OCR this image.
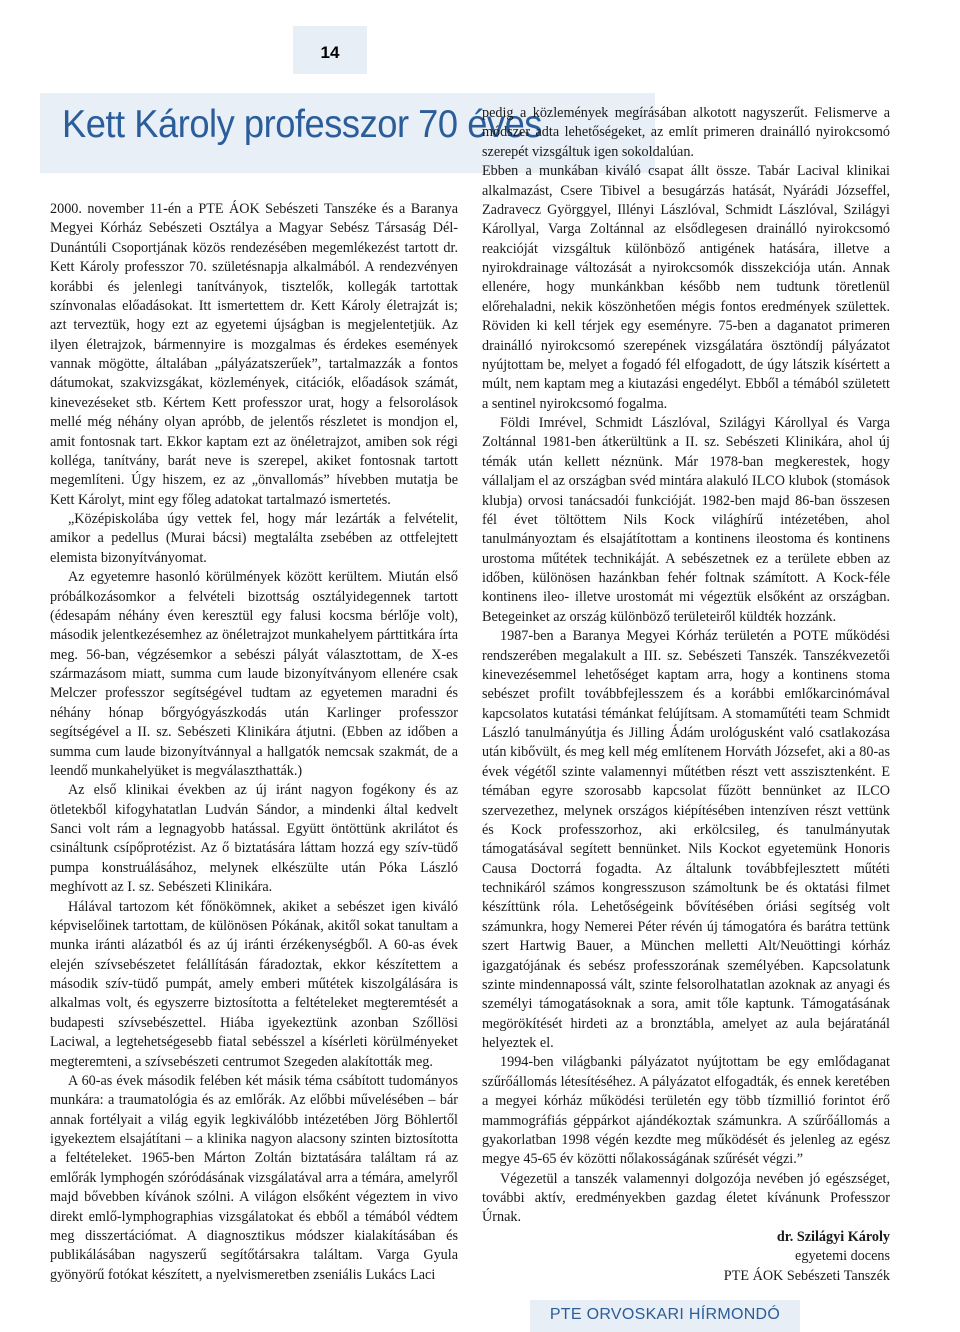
14
Kett Károly professzor 70 éves

2000. november 11-én a PTE ÁOK Sebészeti Tanszéke és a Baranya Megyei Kórház Sebészeti Osztálya a Magyar Sebész Társaság Dél-Dunántúli Csoportjának közös rendezésében megemlékezést tartott dr. Kett Károly professzor 70. születésnapja alkalmából. A rendezvényen korábbi és jelenlegi tanítványok, tisztelők, kollegák tartottak színvonalas előadásokat. Itt ismertettem dr. Kett Károly életrajzát is; azt terveztük, hogy ezt az egyetemi újságban is megjelentetjük. Az ilyen életrajzok, bármennyire is mozgalmas és érdekes események vannak mögötte, általában „pályázatszerűek”, tartalmazzák a fontos dátumokat, szakvizsgákat, közlemények, citációk, előadások számát, kinevezéseket stb. Kértem Kett professzor urat, hogy a felsorolások mellé még néhány olyan apróbb, de jelentős részletet is mondjon el, amit fontosnak tart. Ekkor kaptam ezt az önéletrajzot, amiben sok régi kolléga, tanítvány, barát neve is szerepel, akiket fontosnak tartott megemlíteni. Úgy hiszem, ez az „önvallomás” hívebben mutatja be Kett Károlyt, mint egy főleg adatokat tartalmazó ismertetés.

„Középiskolába úgy vettek fel, hogy már lezárták a felvételit, amikor a pedellus (Murai bácsi) megtalálta zsebében az ottfelejtett elemista bizonyítványomat.

Az egyetemre hasonló körülmények között kerültem. Miután első próbálkozásomkor a felvételi bizottság osztályidegennek tartott (édesapám néhány éven keresztül egy falusi kocsma bérlője volt), második jelentkezésemhez az önéletrajzot munkahelyem párttitkára írta meg. 56-ban, végzésemkor a sebészi pályát választottam, de X-es származásom miatt, summa cum laude bizonyítványom ellenére csak Melczer professzor segítségével tudtam az egyetemen maradni és néhány hónap bőrgyógyászkodás után Karlinger professzor segítségével a II. sz. Sebészeti Klinikára átjutni. (Ebben az időben a summa cum laude bizonyítvánnyal a hallgatók nemcsak szakmát, de a leendő munkahelyüket is megválaszthatták.)

Az első klinikai években az új iránt nagyon fogékony és az ötletekből kifogyhatatlan Ludván Sándor, a mindenki által kedvelt Sanci volt rám a legnagyobb hatással. Együtt öntöttünk akrilátot és csináltunk csípőprotézist. Az ő biztatására láttam hozzá egy szív-tüdő pumpa konstruálásához, melynek elkészülte után Póka László meghívott az I. sz. Sebészeti Klinikára.

Hálával tartozom két főnökömnek, akiket a sebészet igen kiváló képviselőinek tartottam, de különösen Pókának, akitől sokat tanultam a munka iránti alázatból és az új iránti érzékenységből. A 60-as évek elején szívsebészetet felállításán fáradoztak, ekkor készítettem a második szív-tüdő pumpát, amely emberi műtétek kiszolgálására is alkalmas volt, és egyszerre biztosította a feltételeket megteremtését a budapesti szívsebészettel. Hiába igyekeztünk azonban Szőllösi Laciwal, a legtehetségesebb fiatal sebésszel a kísérleti körülményeket megteremteni, a szívsebészeti centrumot Szegeden alakították meg.

A 60-as évek második felében két másik téma csábított tudományos munkára: a traumatológia és az emlőrák. Az előbbi művelésében – bár annak fortélyait a világ egyik legkiválóbb intézetében Jörg Böhlertől igyekeztem elsajátítani – a klinika nagyon alacsony szinten biztosította a feltételeket. 1965-ben Márton Zoltán biztatására találtam rá az emlőrák lymphogén szóródásának vizsgálatával arra a témára, amelyről majd bővebben kívánok szólni. A világon elsőként végeztem in vivo direkt emlő-lymphographias vizsgálatokat és ebből a témából védtem meg disszertációmat. A diagnosztikus módszer kialakításában és publikálásában nagyszerű segítőtársakra találtam. Varga Gyula gyönyörű fotókat készített, a nyelvismeretben zseniális Lukács Laci

pedig a közlemények megírásában alkotott nagyszerűt. Felismerve a módszer adta lehetőségeket, az említ primeren drainálló nyirokcsomó szerepét vizsgáltuk igen sokoldalúan.

Ebben a munkában kiváló csapat állt össze. Tabár Lacival klinikai alkalmazást, Csere Tibivel a besugárzás hatását, Nyárádi Józseffel, Zadravecz Györggyel, Illényi Lászlóval, Schmidt Lászlóval, Szilágyi Károllyal, Varga Zoltánnal az elsődlegesen drainálló nyirokcsomó reakcióját vizsgáltuk különböző antigének hatására, illetve a nyirokdrainage változását a nyirokcsomók disszekciója után. Annak ellenére, hogy munkánkban később nem tudtunk töretlenül előrehaladni, nekik köszönhetően mégis fontos eredmények születtek. Röviden ki kell térjek egy eseményre. 75-ben a daganatot primeren drainálló nyirokcsomó szerepének vizsgálatára ösztöndíj pályázatot nyújtottam be, melyet a fogadó fél elfogadott, de úgy látszik kísértett a múlt, nem kaptam meg a kiutazási engedélyt. Ebből a témából született a sentinel nyirokcsomó fogalma.

Földi Imrével, Schmidt Lászlóval, Szilágyi Károllyal és Varga Zoltánnal 1981-ben átkerültünk a II. sz. Sebészeti Klinikára, ahol új témák után kellett néznünk. Már 1978-ban megkerestek, hogy vállaljam el az országban svéd mintára alakuló ILCO klubok (stomások klubja) orvosi tanácsadói funkcióját. 1982-ben majd 86-ban összesen fél évet töltöttem Nils Kock világhírű intézetében, ahol tanulmányoztam és elsajátítottam a kontinens ileostoma és kontinens urostoma műtétek technikáját. A sebészetnek ez a területe ebben az időben, különösen hazánkban fehér foltnak számított. A Kock-féle kontinens ileo- illetve urostomát mi végeztük elsőként az országban. Betegeinket az ország különböző területeiről küldték hozzánk.

1987-ben a Baranya Megyei Kórház területén a POTE működési rendszerében megalakult a III. sz. Sebészeti Tanszék. Tanszékvezetői kinevezésemmel lehetőséget kaptam arra, hogy a kontinens stoma sebészet profilt továbbfejlesszem és a korábbi emlőkarcinómával kapcsolatos kutatási témánkat felújítsam. A stomaműtéti team Schmidt László tanulmányútja és Jilling Ádám urológusként való csatlakozása után kibővült, és meg kell még említenem Horváth Józsefet, aki a 80-as évek végétől szinte valamennyi műtétben részt vett asszisztenként. E témában egyre szorosabb kapcsolat fűzött bennünket az ILCO szervezethez, melynek országos kiépítésében intenzíven részt vettünk és Kock professzorhoz, aki erkölcsileg, és tanulmányutak támogatásával segített bennünket. Nils Kockot egyetemünk Honoris Causa Doctorrá fogadta. Az általunk továbbfejlesztett műtéti technikáról számos kongresszuson számoltunk be és oktatási filmet készíttünk róla. Lehetőségeink bővítésében óriási segítség volt számunkra, hogy Nemerei Péter révén új támogatóra és barátra tettünk szert Hartwig Bauer, a München melletti Alt/Neuöttingi kórház igazgatójának és sebész professzorának személyében. Kapcsolatunk szinte mindennapossá vált, szinte felsorolhatatlan azoknak az anyagi és személyi támogatásoknak a sora, amit tőle kaptunk. Támogatásának megörökítését hirdeti az a bronztábla, amelyet az aula bejáratánál helyeztek el.

1994-ben világbanki pályázatot nyújtottam be egy emlődaganat szűrőállomás létesítéséhez. A pályázatot elfogadták, és ennek keretében a megyei kórház működési területén egy több tízmillió forintot érő mammográfiás géppárkot ajándékoztak számunkra. A szűrőállomás a gyakorlatban 1998 végén kezdte meg működését és jelenleg az egész megye 45-65 év közötti nőlakosságának szűrését végzi.”

Végezetül a tanszék valamennyi dolgozója nevében jó egészséget, további aktív, eredményekben gazdag életet kívánunk Professzor Úrnak.

dr. Szilágyi Károly
egyetemi docens
PTE ÁOK Sebészeti Tanszék
PTE ORVOSKARI HÍRMONDÓ
